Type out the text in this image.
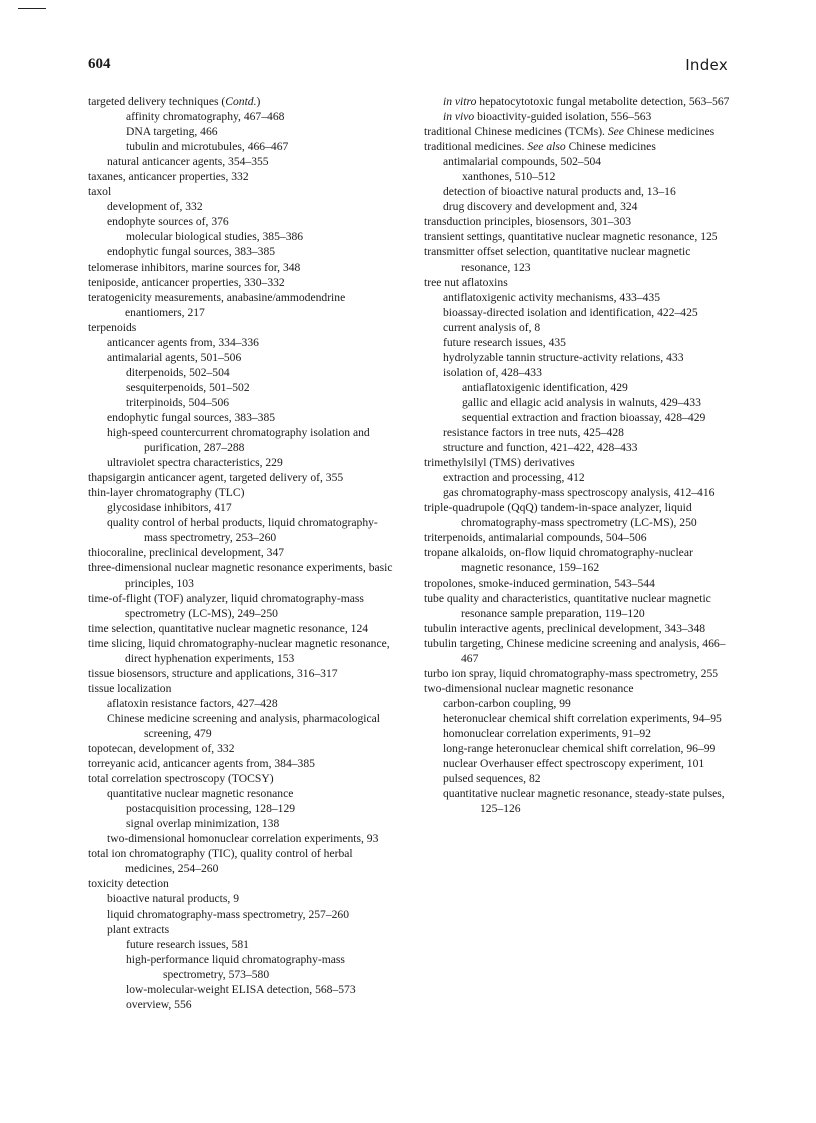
604	Index
targeted delivery techniques (Contd.)
affinity chromatography, 467–468
DNA targeting, 466
tubulin and microtubules, 466–467
natural anticancer agents, 354–355
taxanes, anticancer properties, 332
taxol
development of, 332
endophyte sources of, 376
molecular biological studies, 385–386
endophytic fungal sources, 383–385
telomerase inhibitors, marine sources for, 348
teniposide, anticancer properties, 330–332
teratogenicity measurements, anabasine/ammodendrine enantiomers, 217
terpenoids
anticancer agents from, 334–336
antimalarial agents, 501–506
diterpenoids, 502–504
sesquiterpenoids, 501–502
triterpinoids, 504–506
endophytic fungal sources, 383–385
high-speed countercurrent chromatography isolation and purification, 287–288
ultraviolet spectra characteristics, 229
thapsigargin anticancer agent, targeted delivery of, 355
thin-layer chromatography (TLC)
glycosidase inhibitors, 417
quality control of herbal products, liquid chromatography-mass spectrometry, 253–260
thiocoraline, preclinical development, 347
three-dimensional nuclear magnetic resonance experiments, basic principles, 103
time-of-flight (TOF) analyzer, liquid chromatography-mass spectrometry (LC-MS), 249–250
time selection, quantitative nuclear magnetic resonance, 124
time slicing, liquid chromatography-nuclear magnetic resonance, direct hyphenation experiments, 153
tissue biosensors, structure and applications, 316–317
tissue localization
aflatoxin resistance factors, 427–428
Chinese medicine screening and analysis, pharmacological screening, 479
topotecan, development of, 332
torreyanic acid, anticancer agents from, 384–385
total correlation spectroscopy (TOCSY)
quantitative nuclear magnetic resonance
postacquisition processing, 128–129
signal overlap minimization, 138
two-dimensional homonuclear correlation experiments, 93
total ion chromatography (TIC), quality control of herbal medicines, 254–260
toxicity detection
bioactive natural products, 9
liquid chromatography-mass spectrometry, 257–260
plant extracts
future research issues, 581
high-performance liquid chromatography-mass spectrometry, 573–580
low-molecular-weight ELISA detection, 568–573
overview, 556
in vitro hepatocytotoxic fungal metabolite detection, 563–567
in vivo bioactivity-guided isolation, 556–563
traditional Chinese medicines (TCMs). See Chinese medicines
traditional medicines. See also Chinese medicines
antimalarial compounds, 502–504
xanthones, 510–512
detection of bioactive natural products and, 13–16
drug discovery and development and, 324
transduction principles, biosensors, 301–303
transient settings, quantitative nuclear magnetic resonance, 125
transmitter offset selection, quantitative nuclear magnetic resonance, 123
tree nut aflatoxins
antiflatoxigenic activity mechanisms, 433–435
bioassay-directed isolation and identification, 422–425
current analysis of, 8
future research issues, 435
hydrolyzable tannin structure-activity relations, 433
isolation of, 428–433
antiaflatoxigenic identification, 429
gallic and ellagic acid analysis in walnuts, 429–433
sequential extraction and fraction bioassay, 428–429
resistance factors in tree nuts, 425–428
structure and function, 421–422, 428–433
trimethylsilyl (TMS) derivatives
extraction and processing, 412
gas chromatography-mass spectroscopy analysis, 412–416
triple-quadrupole (QqQ) tandem-in-space analyzer, liquid chromatography-mass spectrometry (LC-MS), 250
triterpenoids, antimalarial compounds, 504–506
tropane alkaloids, on-flow liquid chromatography-nuclear magnetic resonance, 159–162
tropolones, smoke-induced germination, 543–544
tube quality and characteristics, quantitative nuclear magnetic resonance sample preparation, 119–120
tubulin interactive agents, preclinical development, 343–348
tubulin targeting, Chinese medicine screening and analysis, 466–467
turbo ion spray, liquid chromatography-mass spectrometry, 255
two-dimensional nuclear magnetic resonance
carbon-carbon coupling, 99
heteronuclear chemical shift correlation experiments, 94–95
homonuclear correlation experiments, 91–92
long-range heteronuclear chemical shift correlation, 96–99
nuclear Overhauser effect spectroscopy experiment, 101
pulsed sequences, 82
quantitative nuclear magnetic resonance, steady-state pulses, 125–126
